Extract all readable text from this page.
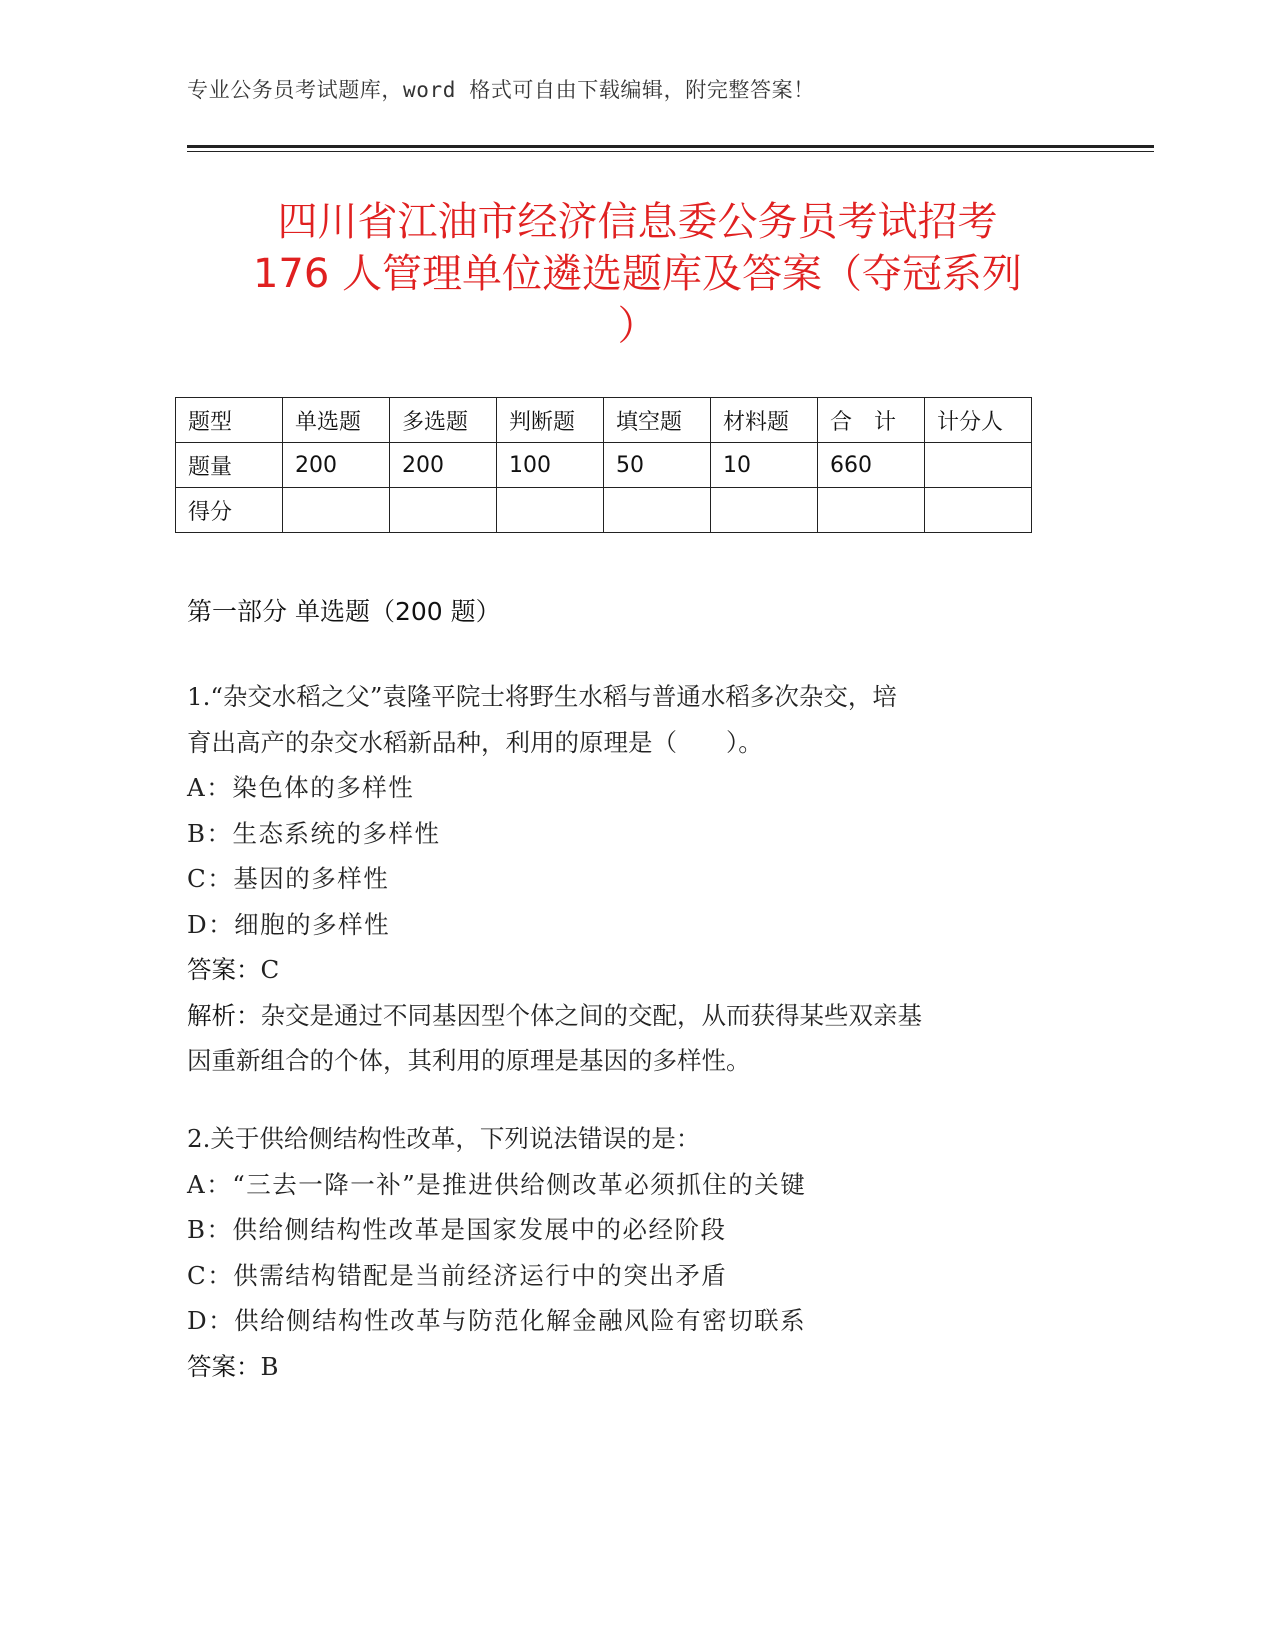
专业公务员考试题库，word 格式可自由下载编辑，附完整答案！
四川省江油市经济信息委公务员考试招考
176 人管理单位遴选题库及答案（夺冠系列
）
题型	单选题	多选题	判断题	填空题	材料题	合　计	计分人
题量	200	200	100	50	10	660	
得分							
第一部分 单选题（200 题）

1.“杂交水稻之父”袁隆平院士将野生水稻与普通水稻多次杂交，培

育出高产的杂交水稻新品种，利用的原理是（　　）。

A：染色体的多样性

B：生态系统的多样性

C：基因的多样性

D：细胞的多样性

答案：C

解析：杂交是通过不同基因型个体之间的交配，从而获得某些双亲基

因重新组合的个体，其利用的原理是基因的多样性。

2.关于供给侧结构性改革，下列说法错误的是：

A：“三去一降一补”是推进供给侧改革必须抓住的关键

B：供给侧结构性改革是国家发展中的必经阶段

C：供需结构错配是当前经济运行中的突出矛盾

D：供给侧结构性改革与防范化解金融风险有密切联系

答案：B
